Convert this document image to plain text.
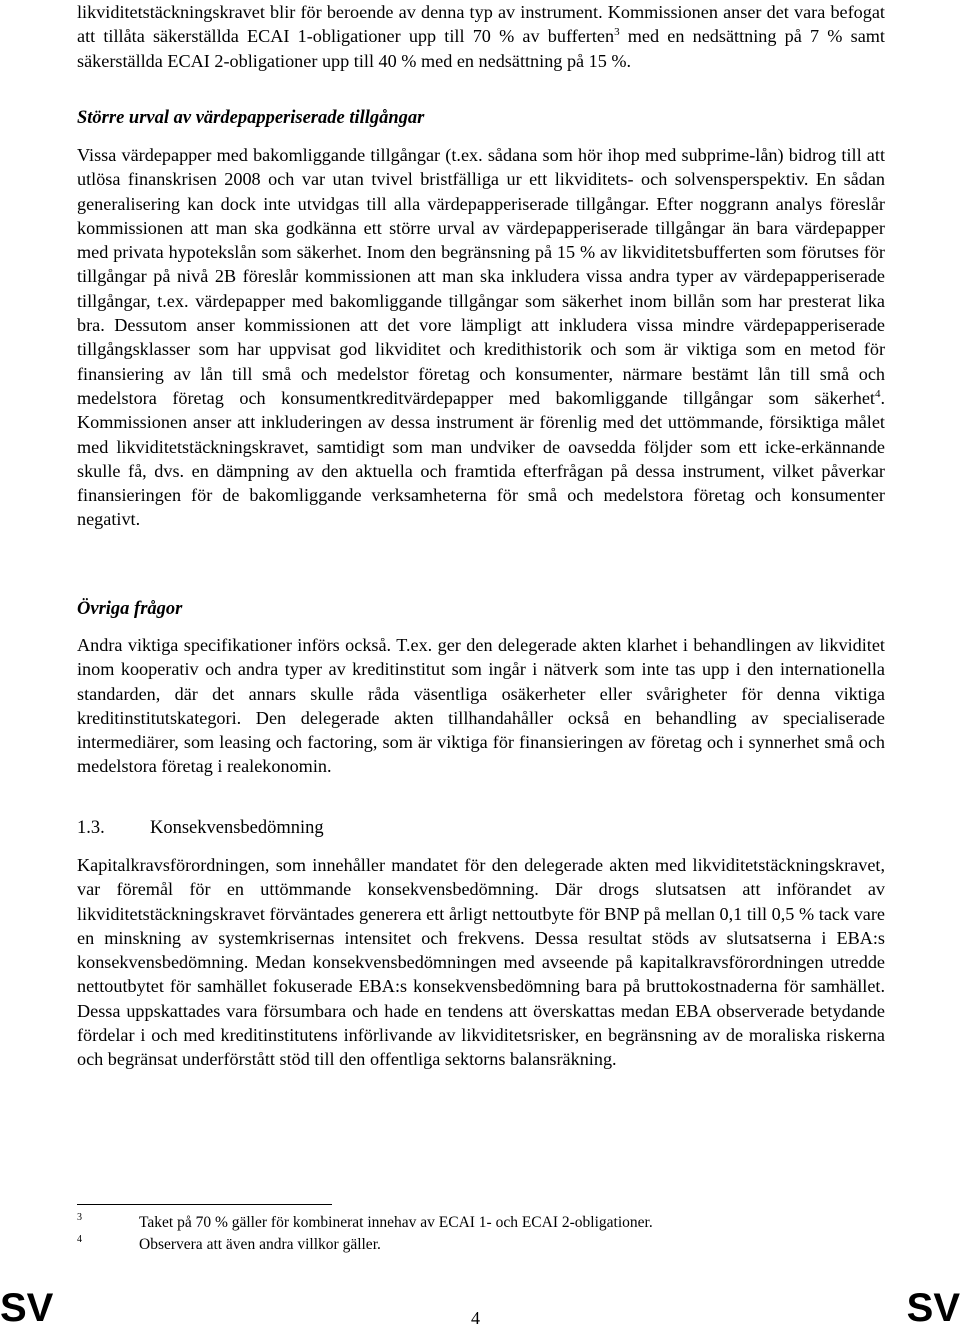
likviditetstäckningskravet blir för beroende av denna typ av instrument. Kommissionen anser det vara befogat att tillåta säkerställda ECAI 1-obligationer upp till 70 % av bufferten$^3$ med en nedsättning på 7 % samt säkerställda ECAI 2-obligationer upp till 40 % med en nedsättning på 15 %.

Större urval av värdepapperiserade tillgångar

Vissa värdepapper med bakomliggande tillgångar (t.ex. sådana som hör ihop med subprime-lån) bidrog till att utlösa finanskrisen 2008 och var utan tvivel bristfälliga ur ett likviditets- och solvensperspektiv. En sådan generalisering kan dock inte utvidgas till alla värdepapperiserade tillgångar. Efter noggrann analys föreslår kommissionen att man ska godkänna ett större urval av värdepapperiserade tillgångar än bara värdepapper med privata hypotekslån som säkerhet. Inom den begränsning på 15 % av likviditetsbufferten som förutses för tillgångar på nivå 2B föreslår kommissionen att man ska inkludera vissa andra typer av värdepapperiserade tillgångar, t.ex. värdepapper med bakomliggande tillgångar som säkerhet inom billån som har presterat lika bra. Dessutom anser kommissionen att det vore lämpligt att inkludera vissa mindre värdepapperiserade tillgångsklasser som har uppvisat god likviditet och kredithistorik och som är viktiga som en metod för finansiering av lån till små och medelstor företag och konsumenter, närmare bestämt lån till små och medelstora företag och konsumentkreditvärdepapper med bakomliggande tillgångar som säkerhet$^4$. Kommissionen anser att inkluderingen av dessa instrument är förenlig med det uttömmande, försiktiga målet med likviditetstäckningskravet, samtidigt som man undviker de oavsedda följder som ett icke-erkännande skulle få, dvs. en dämpning av den aktuella och framtida efterfrågan på dessa instrument, vilket påverkar finansieringen för de bakomliggande verksamheterna för små och medelstora företag och konsumenter negativt.

Övriga frågor

Andra viktiga specifikationer införs också. T.ex. ger den delegerade akten klarhet i behandlingen av likviditet inom kooperativ och andra typer av kreditinstitut som ingår i nätverk som inte tas upp i den internationella standarden, där det annars skulle råda väsentliga osäkerheter eller svårigheter för denna viktiga kreditinstitutskategori. Den delegerade akten tillhandahåller också en behandling av specialiserade intermediärer, som leasing och factoring, som är viktiga för finansieringen av företag och i synnerhet små och medelstora företag i realekonomin.

1.3. Konsekvensbedömning

Kapitalkravsförordningen, som innehåller mandatet för den delegerade akten med likviditetstäckningskravet, var föremål för en uttömmande konsekvensbedömning. Där drogs slutsatsen att införandet av likviditetstäckningskravet förväntades generera ett årligt nettoutbyte för BNP på mellan 0,1 till 0,5 % tack vare en minskning av systemkrisernas intensitet och frekvens. Dessa resultat stöds av slutsatserna i EBA:s konsekvensbedömning. Medan konsekvensbedömningen med avseende på kapitalkravsförordningen utredde nettoutbytet för samhället fokuserade EBA:s konsekvensbedömning bara på bruttokostnaderna för samhället. Dessa uppskattades vara försumbara och hade en tendens att överskattas medan EBA observerade betydande fördelar i och med kreditinstitutens införlivande av likviditetsrisker, en begränsning av de moraliska riskerna och begränsat underförstått stöd till den offentliga sektorns balansräkning.

3	Taket på 70 % gäller för kombinerat innehav av ECAI 1- och ECAI 2-obligationer.
4	Observera att även andra villkor gäller.
SV	4	SV
